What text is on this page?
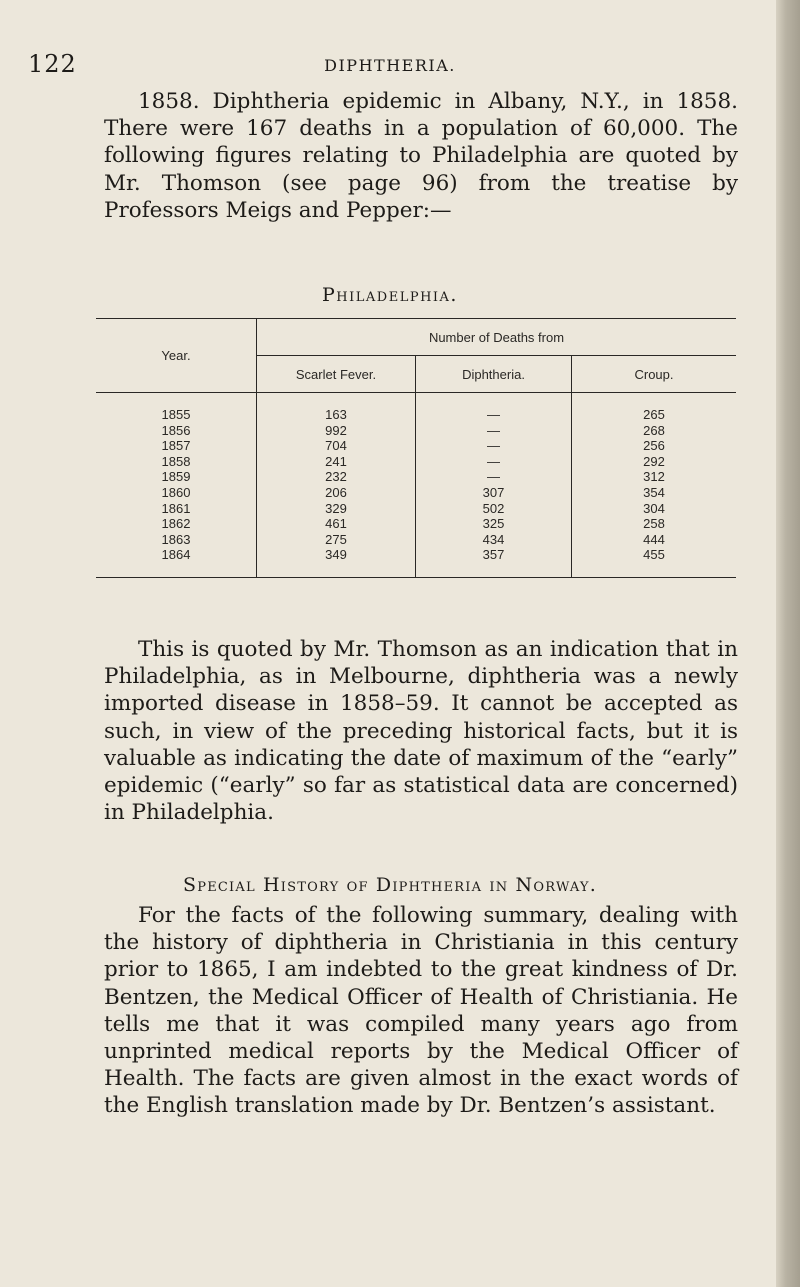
122	DIPHTHERIA.

1858. Diphtheria epidemic in Albany, N.Y., in 1858. There were 167 deaths in a population of 60,000. The following figures relating to Philadelphia are quoted by Mr. Thomson (see page 96) from the treatise by Professors Meigs and Pepper:—

Philadelphia.
Year.	Number of Deaths from		
	Scarlet Fever.	Diphtheria.	Croup.
1855	163	—	265
1856	992	—	268
1857	704	—	256
1858	241	—	292
1859	232	—	312
1860	206	307	354
1861	329	502	304
1862	461	325	258
1863	275	434	444
1864	349	357	455

This is quoted by Mr. Thomson as an indication that in Philadelphia, as in Melbourne, diphtheria was a newly imported disease in 1858–59. It cannot be accepted as such, in view of the preceding historical facts, but it is valuable as indicating the date of maximum of the “early” epidemic (“early” so far as statistical data are concerned) in Philadelphia.

Special History of Diphtheria in Norway.

For the facts of the following summary, dealing with the history of diphtheria in Christiania in this century prior to 1865, I am indebted to the great kindness of Dr. Bentzen, the Medical Officer of Health of Christiania. He tells me that it was compiled many years ago from unprinted medical reports by the Medical Officer of Health. The facts are given almost in the exact words of the English translation made by Dr. Bentzen’s assistant.
